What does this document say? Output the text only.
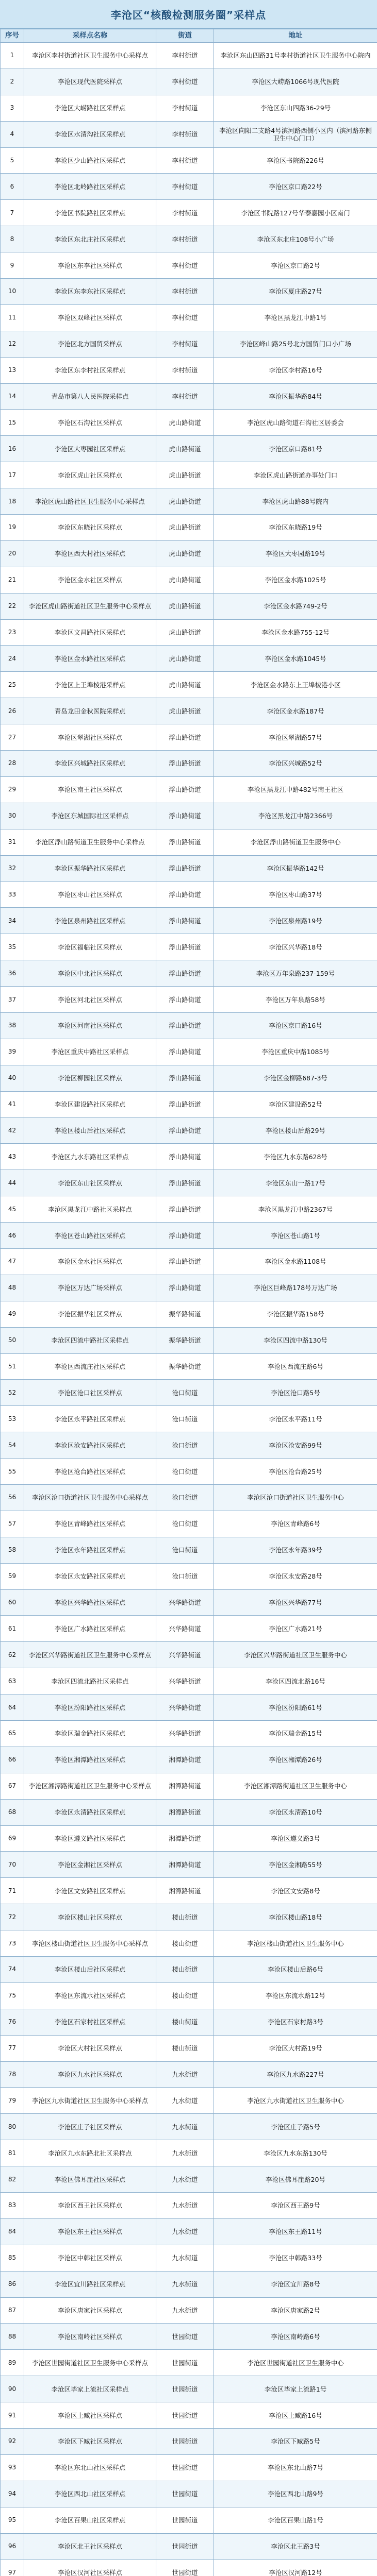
李沧区“核酸检测服务圈”采样点
序号	采样点名称	街道	地址
1	李沧区李村街道社区卫生服务中心采样点	李村街道	李沧区东山四路31号李村街道社区卫生服务中心院内
2	李沧区现代医院采样点	李村街道	李沧区大崂路1066号现代医院
3	李沧区大崂路社区采样点	李村街道	李沧区东山四路36-29号
4	李沧区水清沟社区采样点	李村街道	李沧区向阳二支路4号滨河路西侧小区内（滨河路东侧卫生中心门口）
5	李沧区少山路社区采样点	李村街道	李沧区书院路226号
6	李沧区北岭路社区采样点	李村街道	李沧区京口路22号
7	李沧区书院路社区采样点	李村街道	李沧区书院路127号华泰嘉园小区南门
8	李沧区东北庄社区采样点	李村街道	李沧区东北庄108号小广场
9	李沧区东李社区采样点	李村街道	李沧区京口路2号
10	李沧区东李东社区采样点	李村街道	李沧区夏庄路27号
11	李沧区双峰社区采样点	李村街道	李沧区黑龙江中路1号
12	李沧区北方国贸采样点	李村街道	李沧区峰山路25号北方国贸门口小广场
13	李沧区东李村社区采样点	李村街道	李沧区李村路16号
14	青岛市第八人民医院采样点	李村街道	李沧区振华路84号
15	李沧区石沟社区采样点	虎山路街道	李沧区虎山路街道石沟社区居委会
16	李沧区大枣园社区采样点	虎山路街道	李沧区京口路81号
17	李沧区虎山社区采样点	虎山路街道	李沧区虎山路街道办事处门口
18	李沧区虎山路社区卫生服务中心采样点	虎山路街道	李沧区虎山路88号院内
19	李沧区东晓社区采样点	虎山路街道	李沧区东晓路19号
20	李沧区西大村社区采样点	虎山路街道	李沧区大枣园路19号
21	李沧区金水社区采样点	虎山路街道	李沧区金水路1025号
22	李沧区虎山路街道社区卫生服务中心采样点	虎山路街道	李沧区金水路749-2号
23	李沧区文昌路社区采样点	虎山路街道	李沧区金水路755-12号
24	李沧区金水路社区采样点	虎山路街道	李沧区金水路1045号
25	李沧区上王埠棱港采样点	虎山路街道	李沧区金水路东上王埠棱港小区
26	青岛龙田金秋医院采样点	虎山路街道	李沧区金水路187号
27	李沧区翠湖社区采样点	浮山路街道	李沧区翠湖路57号
28	李沧区兴城路社区采样点	浮山路街道	李沧区兴城路52号
29	李沧区南王社区采样点	浮山路街道	李沧区黑龙江中路482号南王社区
30	李沧区东城国际社区采样点	浮山路街道	李沧区黑龙江中路2366号
31	李沧区浮山路街道卫生服务中心采样点	浮山路街道	李沧区浮山路街道卫生服务中心
32	李沧区振华路社区采样点	浮山路街道	李沧区振华路142号
33	李沧区枣山社区采样点	浮山路街道	李沧区枣山路37号
34	李沧区泉州路社区采样点	浮山路街道	李沧区泉州路19号
35	李沧区福临社区采样点	浮山路街道	李沧区兴华路18号
36	李沧区中北社区采样点	浮山路街道	李沧区万年泉路237-159号
37	李沧区河北社区采样点	浮山路街道	李沧区万年泉路58号
38	李沧区河南社区采样点	浮山路街道	李沧区京口路16号
39	李沧区重庆中路社区采样点	浮山路街道	李沧区重庆中路1085号
40	李沧区柳园社区采样点	浮山路街道	李沧区金柳路687-3号
41	李沧区建设路社区采样点	浮山路街道	李沧区建设路52号
42	李沧区楼山后社区采样点	浮山路街道	李沧区楼山后路29号
43	李沧区九水东路社区采样点	浮山路街道	李沧区九水东路628号
44	李沧区东山社区采样点	浮山路街道	李沧区东山一路17号
45	李沧区黑龙江中路社区采样点	浮山路街道	李沧区黑龙江中路2367号
46	李沧区苍山路社区采样点	浮山路街道	李沧区苍山路1号
47	李沧区金水社区采样点	浮山路街道	李沧区金水路1108号
48	李沧区万达广场采样点	浮山路街道	李沧区巨峰路178号万达广场
49	李沧区振华社区采样点	振华路街道	李沧区振华路158号
50	李沧区四流中路社区采样点	振华路街道	李沧区四流中路130号
51	李沧区西流庄社区采样点	振华路街道	李沧区西流庄路6号
52	李沧区沧口社区采样点	沧口街道	李沧区沧口路5号
53	李沧区永平路社区采样点	沧口街道	李沧区永平路11号
54	李沧区沧安路社区采样点	沧口街道	李沧区沧安路99号
55	李沧区沧台路社区采样点	沧口街道	李沧区沧台路25号
56	李沧区沧口街道社区卫生服务中心采样点	沧口街道	李沧区沧口街道社区卫生服务中心
57	李沧区青峰路社区采样点	沧口街道	李沧区青峰路6号
58	李沧区永年路社区采样点	沧口街道	李沧区永年路39号
59	李沧区永安路社区采样点	沧口街道	李沧区永安路28号
60	李沧区兴华路社区采样点	兴华路街道	李沧区兴华路77号
61	李沧区广水路社区采样点	兴华路街道	李沧区广水路21号
62	李沧区兴华路街道社区卫生服务中心采样点	兴华路街道	李沧区兴华路街道社区卫生服务中心
63	李沧区四流北路社区采样点	兴华路街道	李沧区四流北路16号
64	李沧区汾阳路社区采样点	兴华路街道	李沧区汾阳路61号
65	李沧区瑞金路社区采样点	兴华路街道	李沧区瑞金路15号
66	李沧区湘潭路社区采样点	湘潭路街道	李沧区湘潭路26号
67	李沧区湘潭路街道社区卫生服务中心采样点	湘潭路街道	李沧区湘潭路街道社区卫生服务中心
68	李沧区永清路社区采样点	湘潭路街道	李沧区永清路10号
69	李沧区遵义路社区采样点	湘潭路街道	李沧区遵义路3号
70	李沧区金湘社区采样点	湘潭路街道	李沧区金湘路55号
71	李沧区文安路社区采样点	湘潭路街道	李沧区文安路8号
72	李沧区楼山社区采样点	楼山街道	李沧区楼山路18号
73	李沧区楼山街道社区卫生服务中心采样点	楼山街道	李沧区楼山街道社区卫生服务中心
74	李沧区楼山后社区采样点	楼山街道	李沧区楼山后路6号
75	李沧区东流水社区采样点	楼山街道	李沧区东流水路12号
76	李沧区石家村社区采样点	楼山街道	李沧区石家村路3号
77	李沧区大村社区采样点	楼山街道	李沧区大村路19号
78	李沧区九水社区采样点	九水街道	李沧区九水路227号
79	李沧区九水街道社区卫生服务中心采样点	九水街道	李沧区九水街道社区卫生服务中心
80	李沧区庄子社区采样点	九水街道	李沧区庄子路5号
81	李沧区九水东路北社区采样点	九水街道	李沧区九水东路130号
82	李沧区佛耳崖社区采样点	九水街道	李沧区佛耳崖路20号
83	李沧区西王社区采样点	九水街道	李沧区西王路9号
84	李沧区东王社区采样点	九水街道	李沧区东王路11号
85	李沧区中韩社区采样点	九水街道	李沧区中韩路33号
86	李沧区宜川路社区采样点	九水街道	李沧区宜川路8号
87	李沧区唐家社区采样点	九水街道	李沧区唐家路2号
88	李沧区南岭社区采样点	世园街道	李沧区南岭路6号
89	李沧区世园街道社区卫生服务中心采样点	世园街道	李沧区世园街道社区卫生服务中心
90	李沧区毕家上流社区采样点	世园街道	李沧区毕家上流路1号
91	李沧区上臧社区采样点	世园街道	李沧区上臧路16号
92	李沧区下臧社区采样点	世园街道	李沧区下臧路5号
93	李沧区东北山社区采样点	世园街道	李沧区东北山路7号
94	李沧区西北山社区采样点	世园街道	李沧区西北山路9号
95	李沧区百果山社区采样点	世园街道	李沧区百果山路1号
96	李沧区北王社区采样点	世园街道	李沧区北王路3号
97	李沧区汉河社区采样点	世园街道	李沧区汉河路12号
